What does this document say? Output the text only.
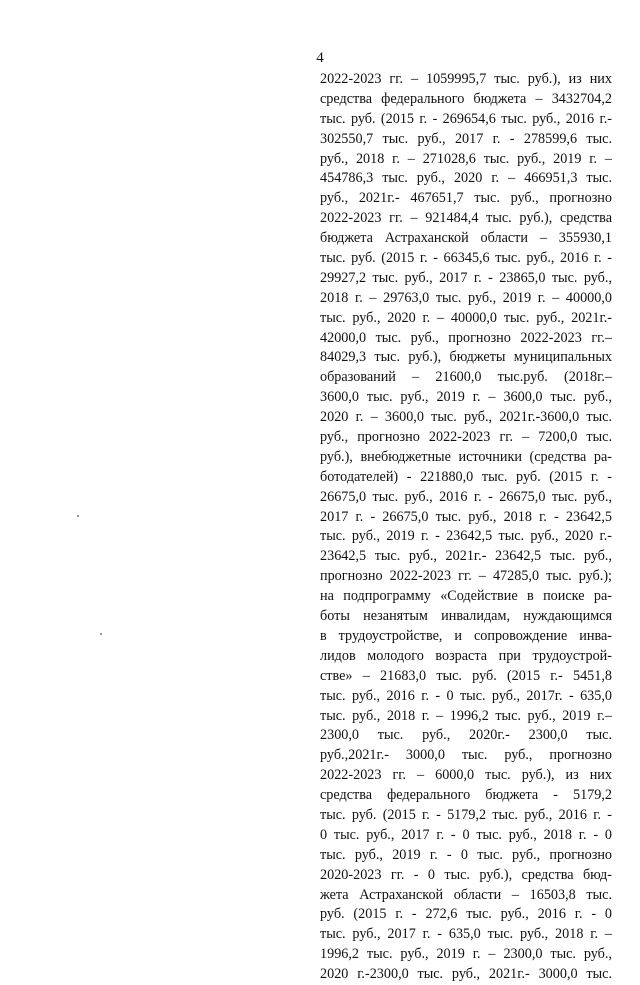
4
2022-2023 гг. – 1059995,7 тыс. руб.), из них
средства федерального бюджета – 3432704,2
тыс. руб. (2015 г. - 269654,6 тыс. руб., 2016 г.-
302550,7 тыс. руб., 2017 г. - 278599,6 тыс.
руб., 2018 г. – 271028,6 тыс. руб., 2019 г. –
454786,3 тыс. руб., 2020 г. – 466951,3 тыс.
руб., 2021г.- 467651,7 тыс. руб., прогнозно
2022-2023 гг. – 921484,4 тыс. руб.), средства
бюджета Астраханской области – 355930,1
тыс. руб. (2015 г. - 66345,6 тыс. руб., 2016 г. -
29927,2 тыс. руб., 2017 г. - 23865,0 тыс. руб.,
2018 г. – 29763,0 тыс. руб., 2019 г. – 40000,0
тыс. руб., 2020 г. – 40000,0 тыс. руб., 2021г.-
42000,0 тыс. руб., прогнозно 2022-2023 гг.–
84029,3 тыс. руб.), бюджеты муниципальных
образований – 21600,0 тыс.руб. (2018г.–
3600,0 тыс. руб., 2019 г. – 3600,0 тыс. руб.,
2020 г. – 3600,0 тыс. руб., 2021г.-3600,0 тыс.
руб., прогнозно 2022-2023 гг. – 7200,0 тыс.
руб.), внебюджетные источники (средства ра-
ботодателей) - 221880,0 тыс. руб. (2015 г. -
26675,0 тыс. руб., 2016 г. - 26675,0 тыс. руб.,
2017 г. - 26675,0 тыс. руб., 2018 г. - 23642,5
тыс. руб., 2019 г. - 23642,5 тыс. руб., 2020 г.-
23642,5 тыс. руб., 2021г.- 23642,5 тыс. руб.,
прогнозно 2022-2023 гг. – 47285,0 тыс. руб.);
на подпрограмму «Содействие в поиске ра-
боты незанятым инвалидам, нуждающимся
в трудоустройстве, и сопровождение инва-
лидов молодого возраста при трудоустрой-
стве» – 21683,0 тыс. руб. (2015 г.- 5451,8
тыс. руб., 2016 г. - 0 тыс. руб., 2017г. - 635,0
тыс. руб., 2018 г. – 1996,2 тыс. руб., 2019 г.–
2300,0 тыс. руб., 2020г.- 2300,0 тыс.
руб.,2021г.- 3000,0 тыс. руб., прогнозно
2022-2023 гг. – 6000,0 тыс. руб.), из них
средства федерального бюджета - 5179,2
тыс. руб. (2015 г. - 5179,2 тыс. руб., 2016 г. -
0 тыс. руб., 2017 г. - 0 тыс. руб., 2018 г. - 0
тыс. руб., 2019 г. - 0 тыс. руб., прогнозно
2020-2023 гг. - 0 тыс. руб.), средства бюд-
жета Астраханской области – 16503,8 тыс.
руб. (2015 г. - 272,6 тыс. руб., 2016 г. - 0
тыс. руб., 2017 г. - 635,0 тыс. руб., 2018 г. –
1996,2 тыс. руб., 2019 г. – 2300,0 тыс. руб.,
2020 г.-2300,0 тыс. руб., 2021г.- 3000,0 тыс.
